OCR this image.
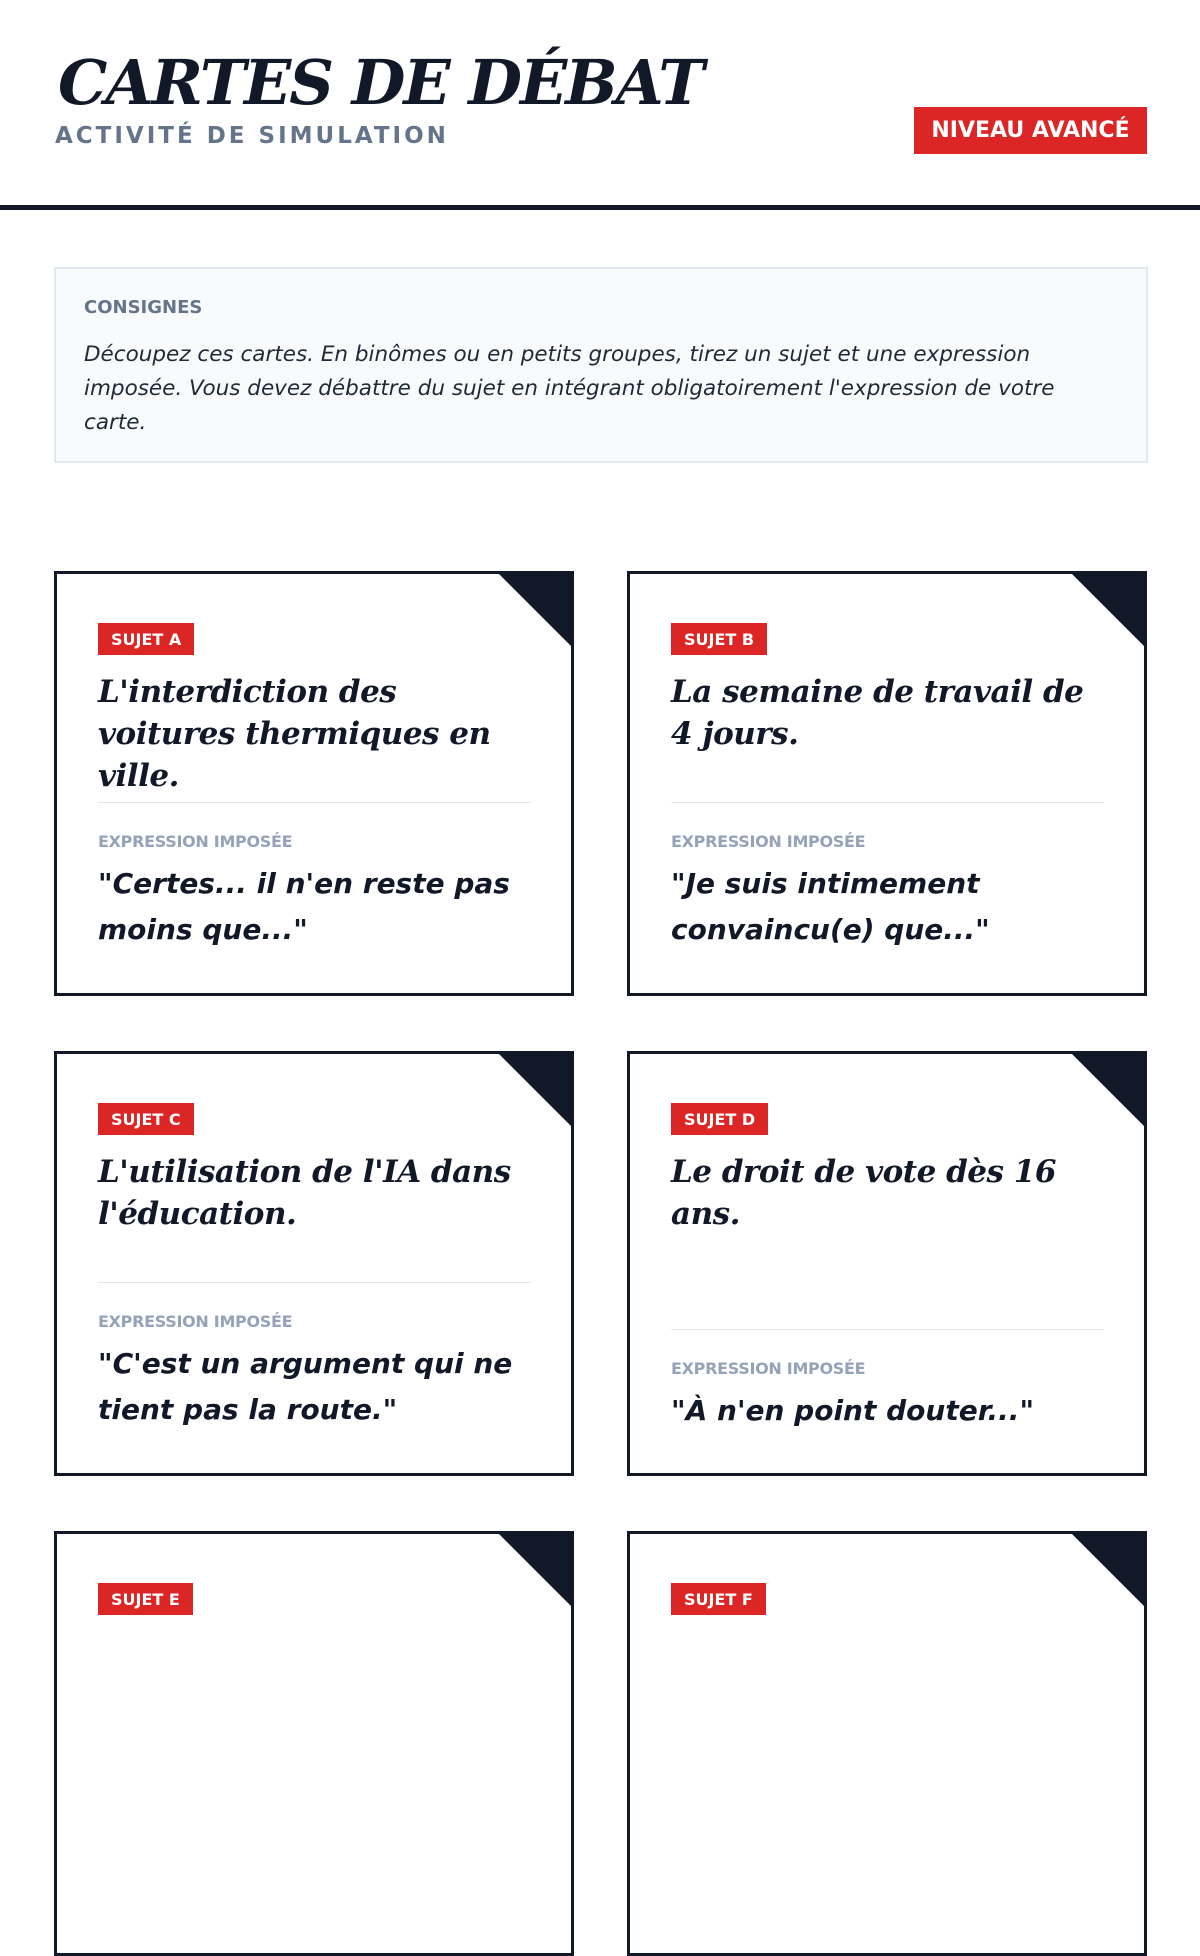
CARTES DE DÉBAT
ACTIVITÉ DE SIMULATION	NIVEAU AVANCÉ
CONSIGNES

Découpez ces cartes. En binômes ou en petits groupes, tirez un sujet et une expression imposée. Vous devez débattre du sujet en intégrant obligatoirement l'expression de votre carte.

SUJET A
L'interdiction des voitures thermiques en ville.
EXPRESSION IMPOSÉE

"Certes... il n'en reste pas moins que..."

SUJET B
La semaine de travail de 4 jours.
EXPRESSION IMPOSÉE

"Je suis intimement convaincu(e) que..."

SUJET C
L'utilisation de l'IA dans l'éducation.
EXPRESSION IMPOSÉE

"C'est un argument qui ne tient pas la route."

SUJET D
Le droit de vote dès 16 ans.
EXPRESSION IMPOSÉE

"À n'en point douter..."

SUJET E	SUJET F
